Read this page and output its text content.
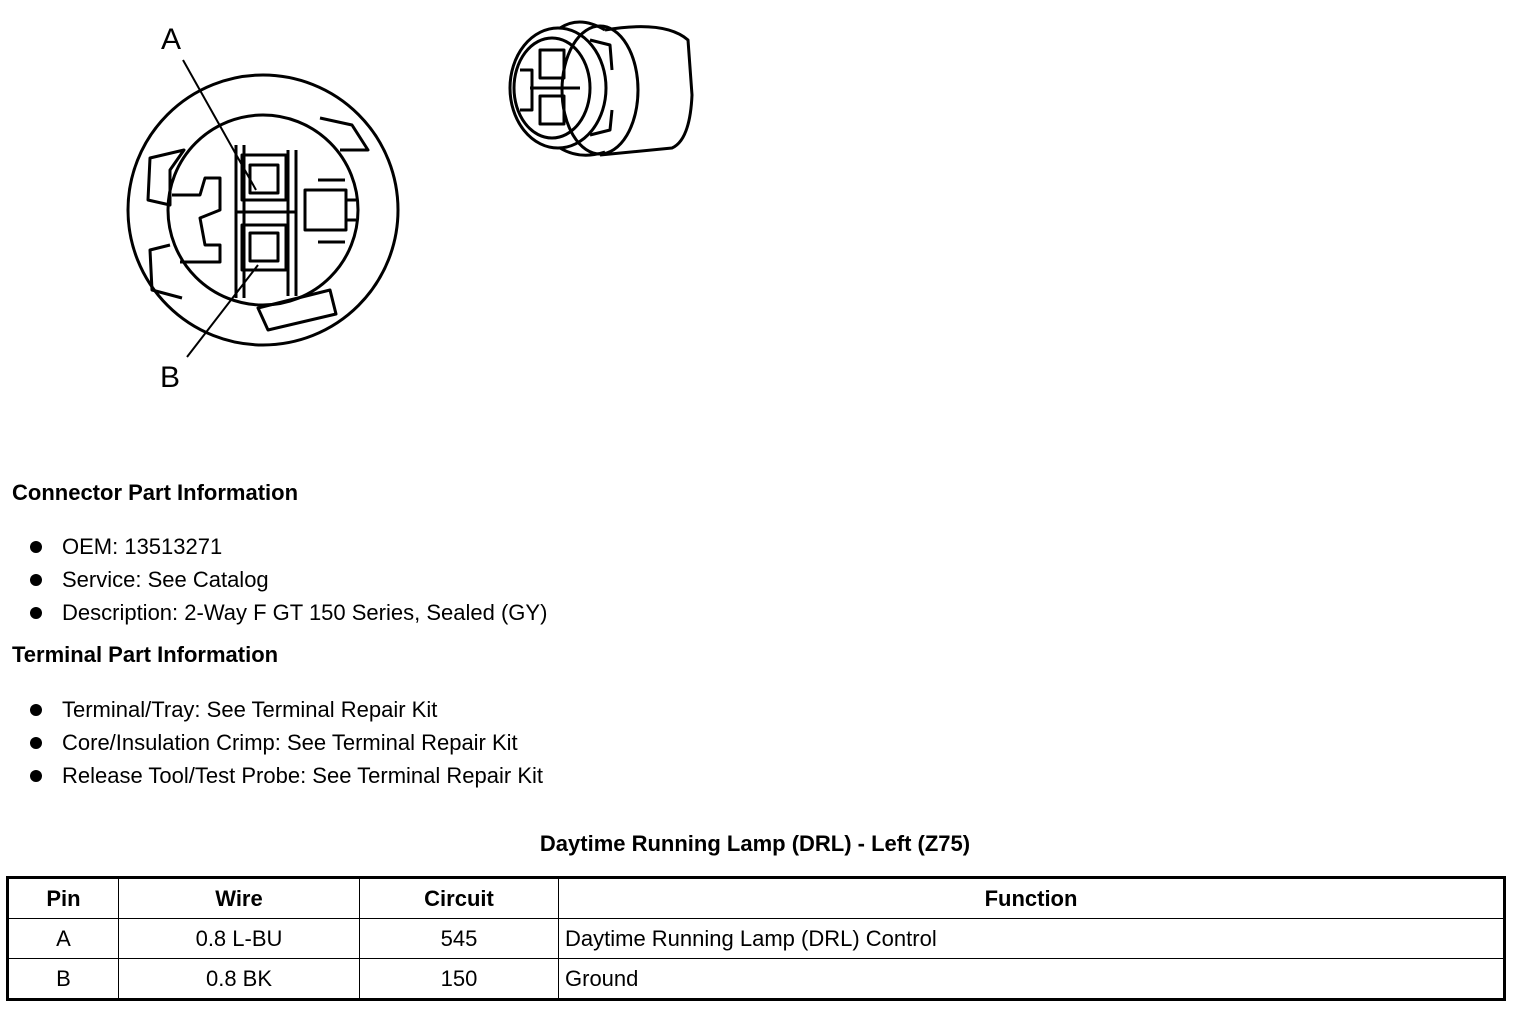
A
B
Connector Part Information
OEM: 13513271
Service: See Catalog
Description: 2-Way F GT 150 Series, Sealed (GY)
Terminal Part Information
Terminal/Tray: See Terminal Repair Kit
Core/Insulation Crimp: See Terminal Repair Kit
Release Tool/Test Probe: See Terminal Repair Kit
Daytime Running Lamp (DRL) - Left (Z75)
Pin	Wire	Circuit	Function
A	0.8 L-BU	545	Daytime Running Lamp (DRL) Control
B	0.8 BK	150	Ground
